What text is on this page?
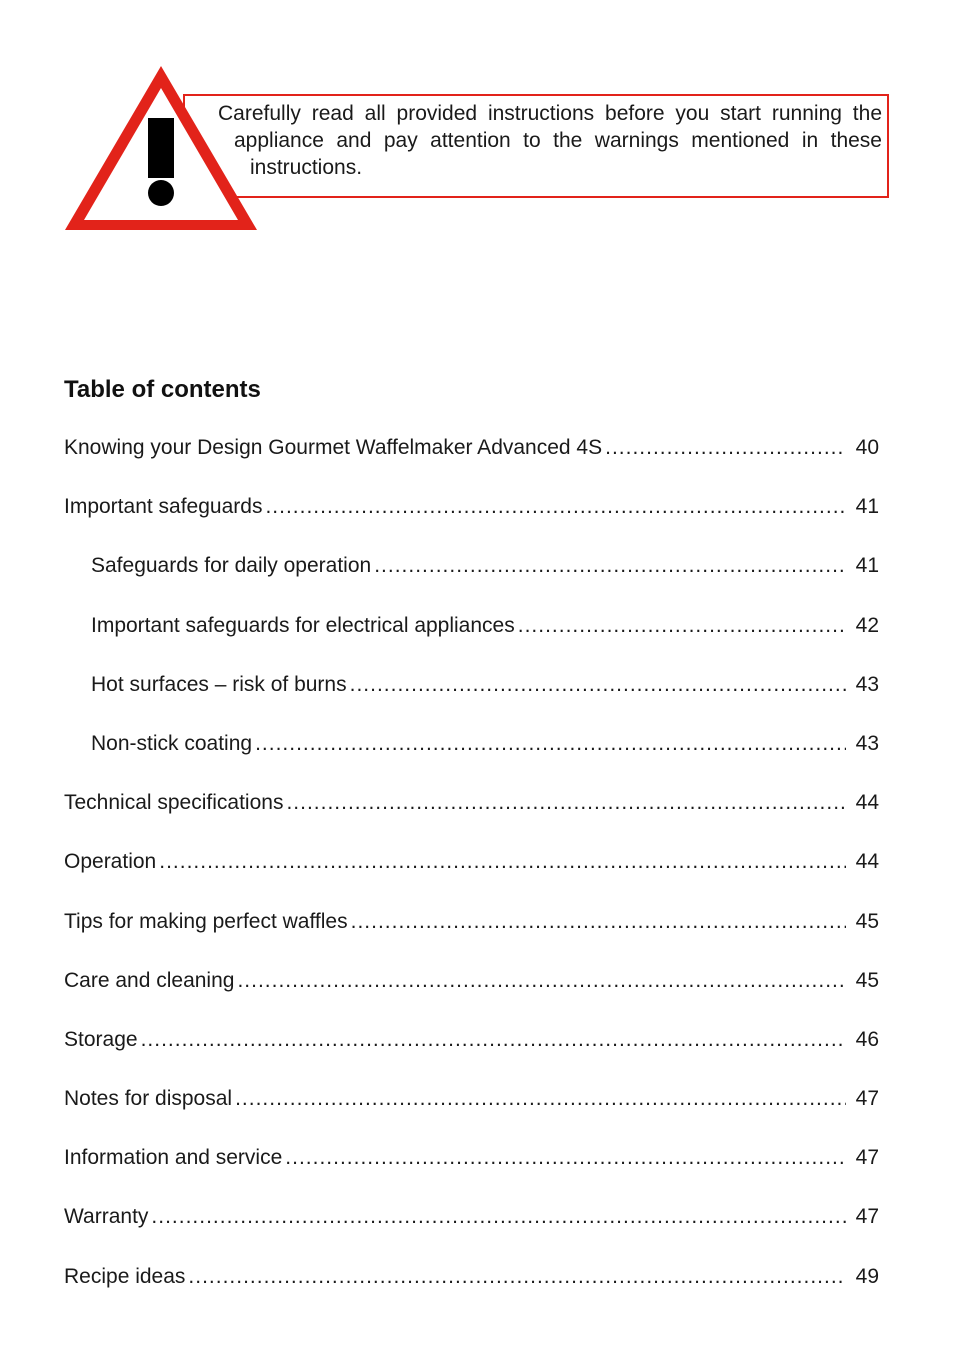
Carefully read all provided instructions before you start running the
appliance and pay attention to the warnings mentioned in these
instructions.
Table of contents
Knowing your Design Gourmet Waffelmaker Advanced 4S .....	40
Important safeguards .....	41
Safeguards for daily operation .....	41
Important safeguards for electrical appliances .....	42
Hot surfaces – risk of burns .....	43
Non-stick coating .....	43
Technical specifications .....	44
Operation .....	44
Tips for making perfect waffles .....	45
Care and cleaning .....	45
Storage .....	46
Notes for disposal .....	47
Information and service .....	47
Warranty .....	47
Recipe ideas .....	49
